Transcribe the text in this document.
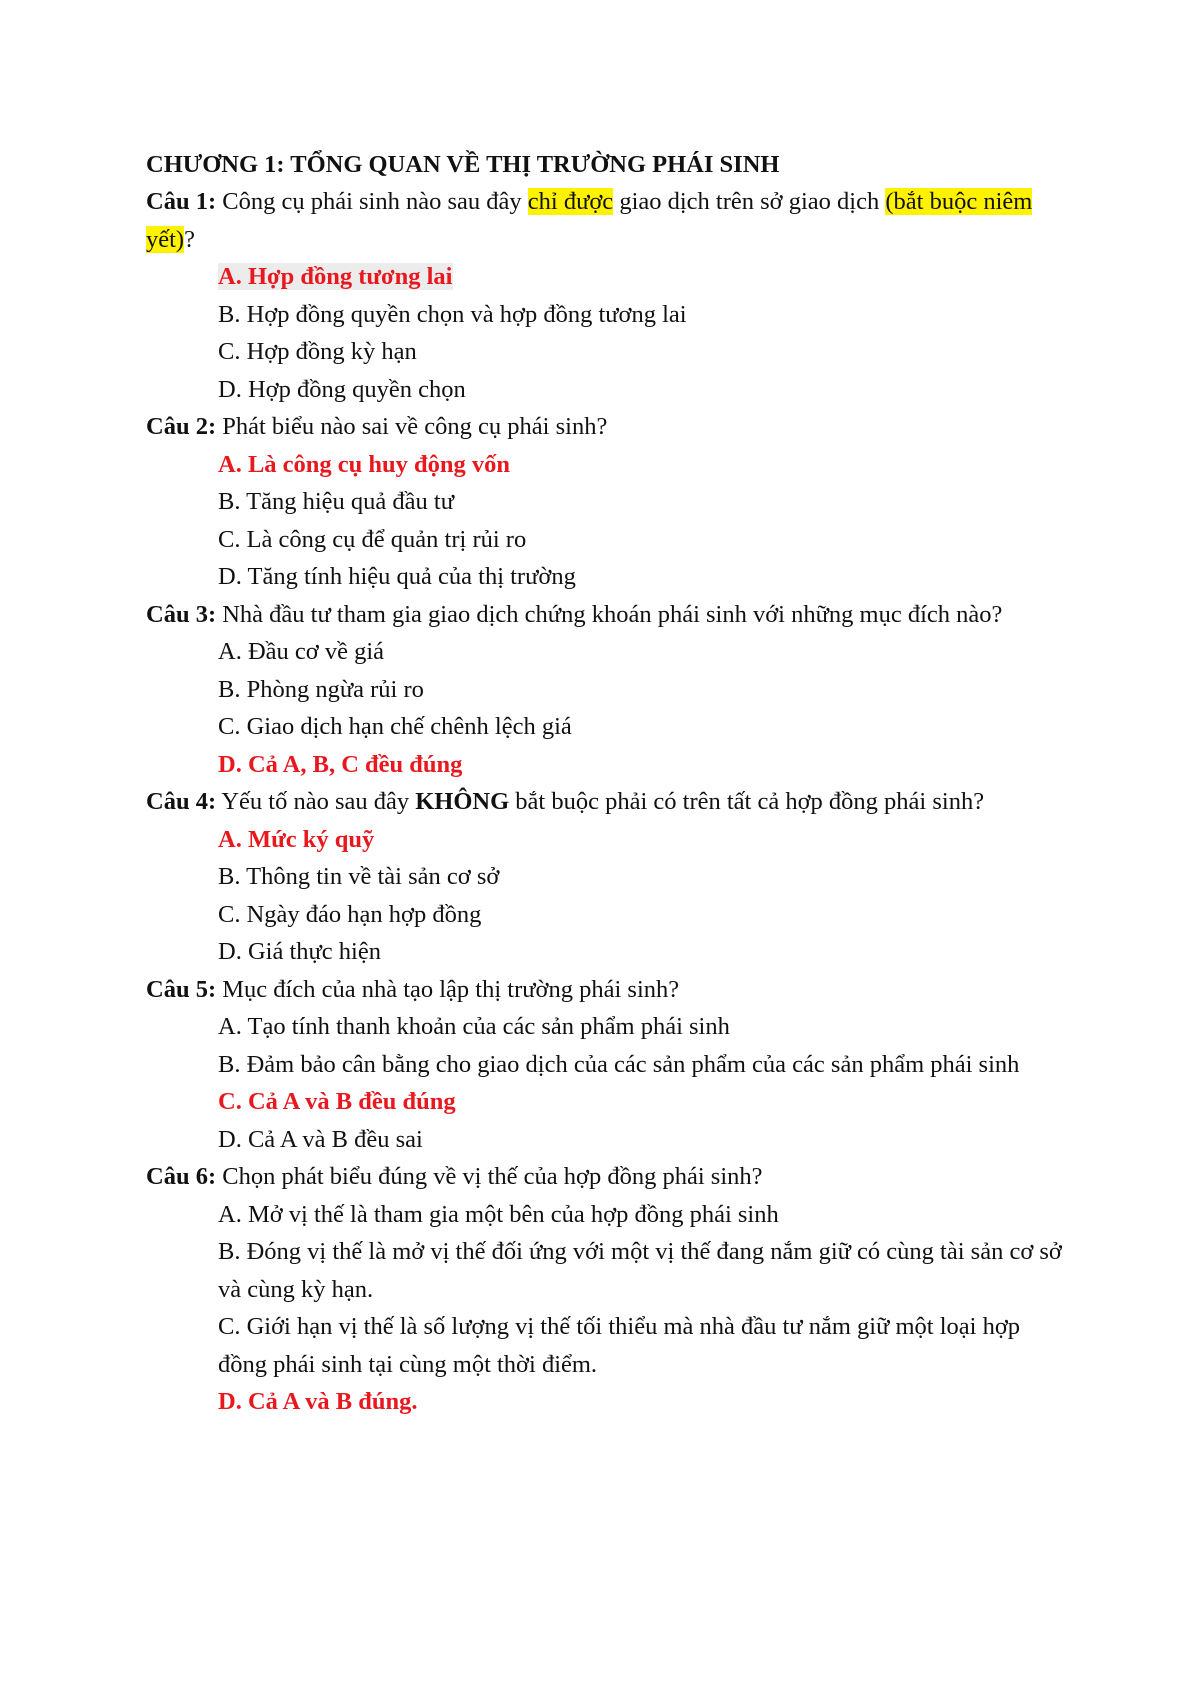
CHƯƠNG 1: TỔNG QUAN VỀ THỊ TRƯỜNG PHÁI SINH
Câu 1: Công cụ phái sinh nào sau đây chỉ được giao dịch trên sở giao dịch (bắt buộc niêm yết)?
A. Hợp đồng tương lai
B. Hợp đồng quyền chọn và hợp đồng tương lai
C. Hợp đồng kỳ hạn
D. Hợp đồng quyền chọn
Câu 2: Phát biểu nào sai về công cụ phái sinh?
A. Là công cụ huy động vốn
B. Tăng hiệu quả đầu tư
C. Là công cụ để quản trị rủi ro
D. Tăng tính hiệu quả của thị trường
Câu 3: Nhà đầu tư tham gia giao dịch chứng khoán phái sinh với những mục đích nào?
A. Đầu cơ về giá
B. Phòng ngừa rủi ro
C. Giao dịch hạn chế chênh lệch giá
D. Cả A, B, C đều đúng
Câu 4: Yếu tố nào sau đây KHÔNG bắt buộc phải có trên tất cả hợp đồng phái sinh?
A. Mức ký quỹ
B. Thông tin về tài sản cơ sở
C. Ngày đáo hạn hợp đồng
D. Giá thực hiện
Câu 5: Mục đích của nhà tạo lập thị trường phái sinh?
A. Tạo tính thanh khoản của các sản phẩm phái sinh
B. Đảm bảo cân bằng cho giao dịch của các sản phẩm của các sản phẩm phái sinh
C. Cả A và B đều đúng
D. Cả A và B đều sai
Câu 6: Chọn phát biểu đúng về vị thế của hợp đồng phái sinh?
A. Mở vị thế là tham gia một bên của hợp đồng phái sinh
B. Đóng vị thế là mở vị thế đối ứng với một vị thế đang nắm giữ có cùng tài sản cơ sở và cùng kỳ hạn.
C. Giới hạn vị thế là số lượng vị thế tối thiểu mà nhà đầu tư nắm giữ một loại hợp đồng phái sinh tại cùng một thời điểm.
D. Cả A và B đúng.
